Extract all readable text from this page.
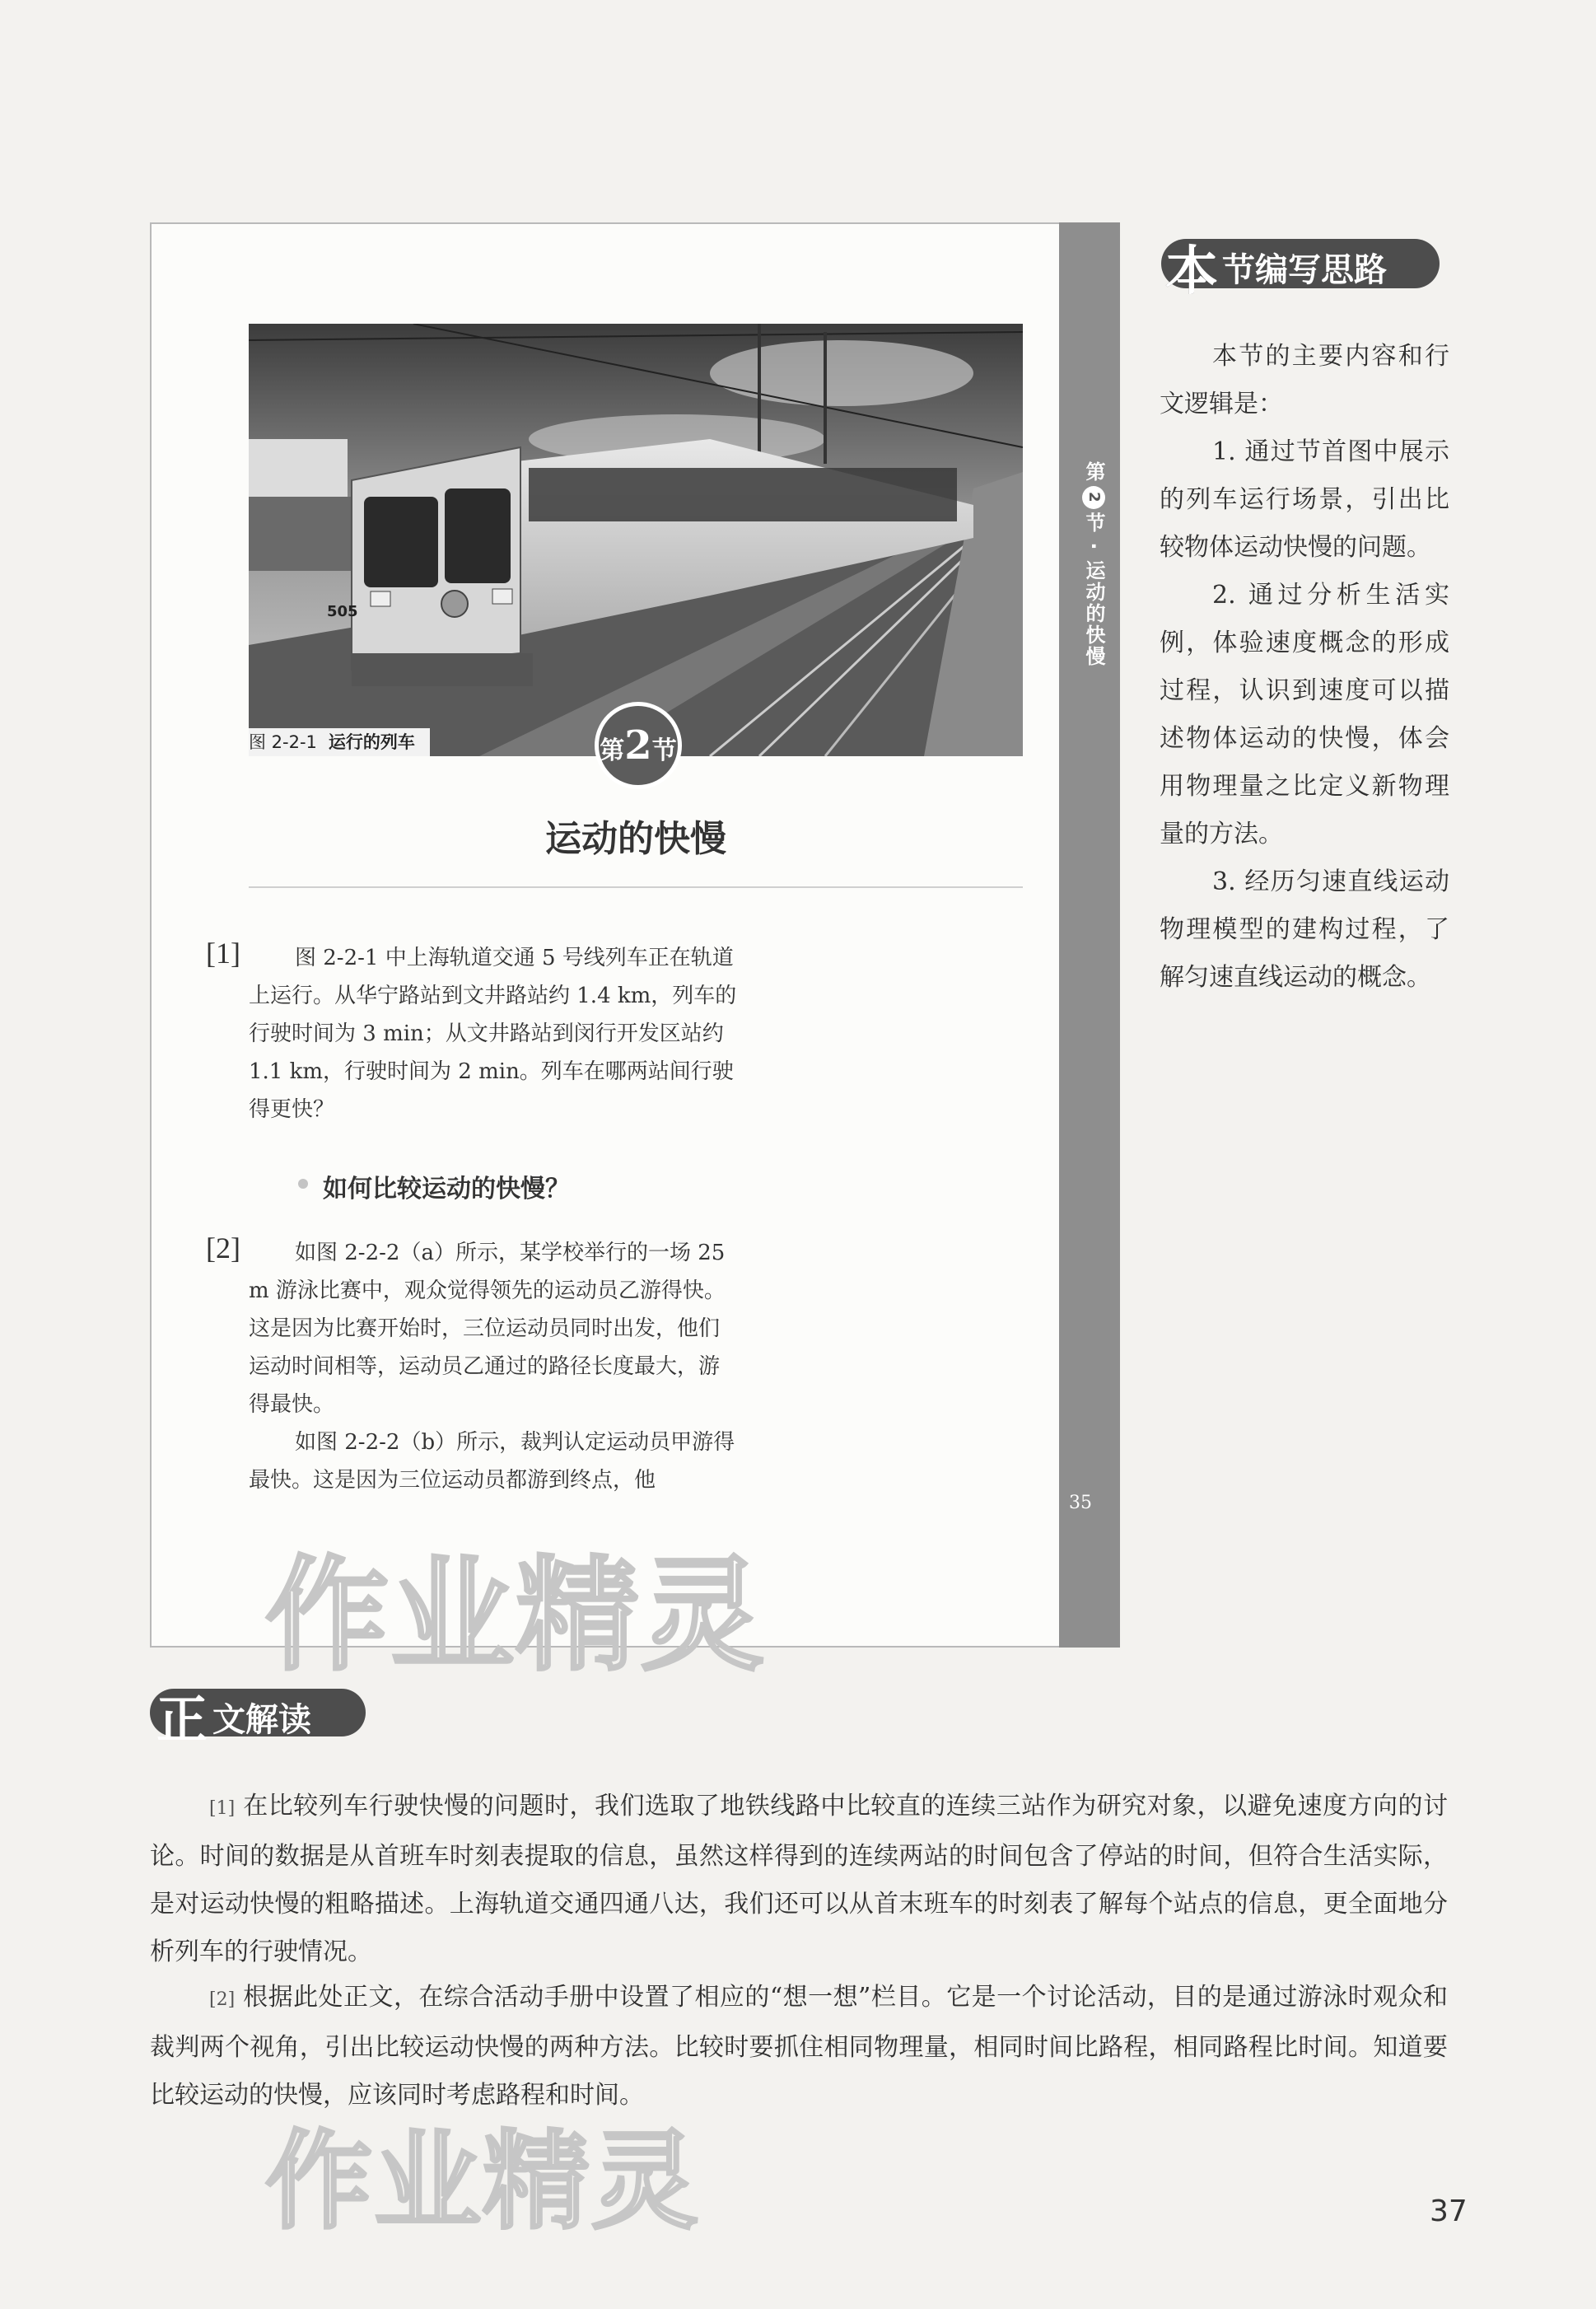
第2节 · 运动的快慢
35
505
图 2-2-1 运行的列车	第2节
运动的快慢
[1]	图 2-2-1 中上海轨道交通 5 号线列车正在轨道上运行。从华宁路站到文井路站约 1.4 km，列车的行驶时间为 3 min；从文井路站到闵行开发区站约 1.1 km，行驶时间为 2 min。列车在哪两站间行驶得更快？

如何比较运动的快慢？
[2]	如图 2-2-2（a）所示，某学校举行的一场 25 m 游泳比赛中，观众觉得领先的运动员乙游得快。这是因为比赛开始时，三位运动员同时出发，他们运动时间相等，运动员乙通过的路径长度最大，游得最快。

如图 2-2-2（b）所示，裁判认定运动员甲游得最快。这是因为三位运动员都游到终点，他

作业精灵
本 节编写思路

本节的主要内容和行文逻辑是：

1. 通过节首图中展示的列车运行场景，引出比较物体运动快慢的问题。

2. 通过分析生活实例，体验速度概念的形成过程，认识到速度可以描述物体运动的快慢，体会用物理量之比定义新物理量的方法。

3. 经历匀速直线运动物理模型的建构过程，了解匀速直线运动的概念。

正 文解读

[1] 在比较列车行驶快慢的问题时，我们选取了地铁线路中比较直的连续三站作为研究对象，以避免速度方向的讨论。时间的数据是从首班车时刻表提取的信息，虽然这样得到的连续两站的时间包含了停站的时间，但符合生活实际，是对运动快慢的粗略描述。上海轨道交通四通八达，我们还可以从首末班车的时刻表了解每个站点的信息，更全面地分析列车的行驶情况。

[2] 根据此处正文，在综合活动手册中设置了相应的“想一想”栏目。它是一个讨论活动，目的是通过游泳时观众和裁判两个视角，引出比较运动快慢的两种方法。比较时要抓住相同物理量，相同时间比路程，相同路程比时间。知道要比较运动的快慢，应该同时考虑路程和时间。

作业精灵	37
